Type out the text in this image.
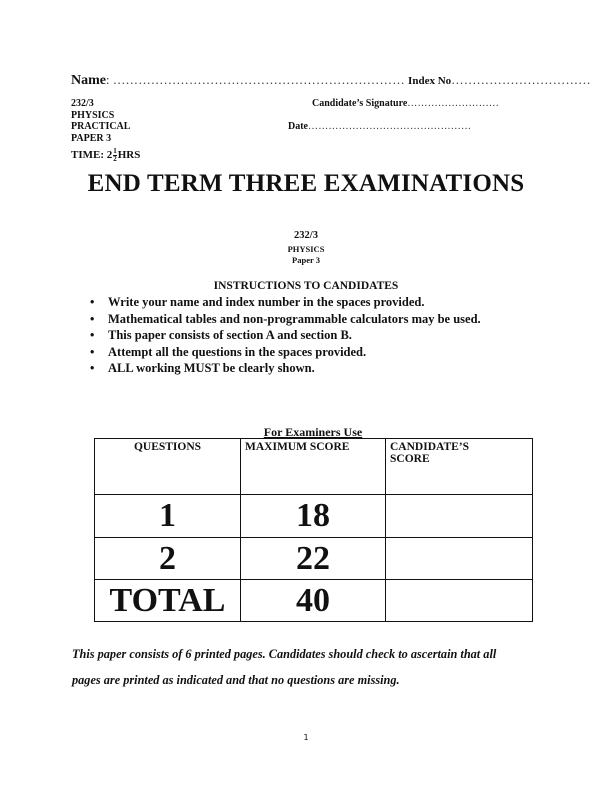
Name: …………………………………………………………… Index No……………………………
232/3
PHYSICS
PRACTICAL
PAPER 3
TIME: $2 \frac{1}{2}$ HRS
Candidate’s Signature………………………
Date…………………………………………
END TERM THREE EXAMINATIONS
232/3
PHYSICS
Paper 3
INSTRUCTIONS TO CANDIDATES
• Write your name and index number in the spaces provided.
• Mathematical tables and non-programmable calculators may be used.
• This paper consists of section A and section B.
• Attempt all the questions in the spaces provided.
• ALL working MUST be clearly shown.
For Examiners Use
QUESTIONS	MAXIMUM SCORE	CANDIDATE’S SCORE
1	18	
2	22	
TOTAL	40	
This paper consists of 6 printed pages. Candidates should check to ascertain that all
pages are printed as indicated and that no questions are missing.
1
